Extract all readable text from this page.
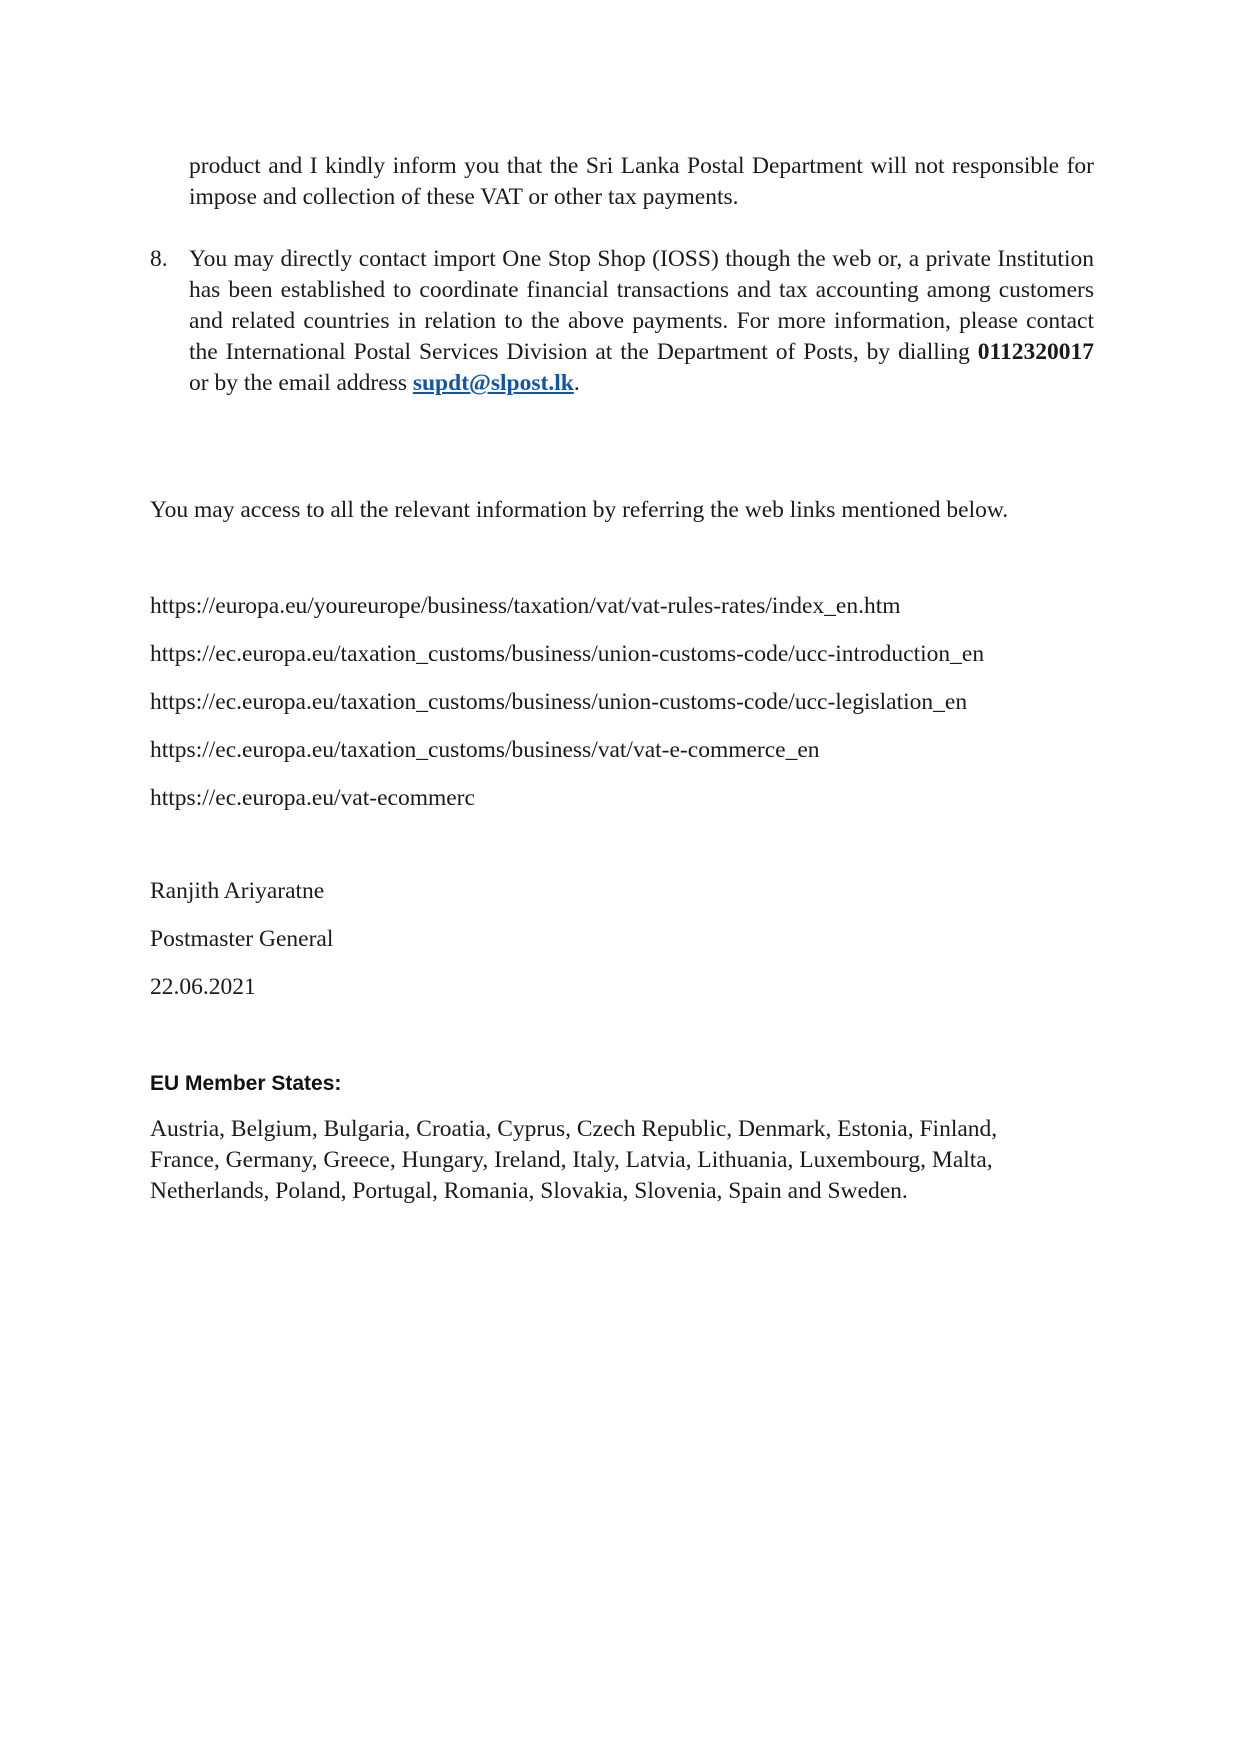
product and I kindly inform you that the Sri Lanka Postal Department will not responsible for impose and collection of these VAT or other tax payments.

8. You may directly contact import One Stop Shop (IOSS) though the web or, a private Institution has been established to coordinate financial transactions and tax accounting among customers and related countries in relation to the above payments. For more information, please contact the International Postal Services Division at the Department of Posts, by dialling 0112320017 or by the email address supdt@slpost.lk.

You may access to all the relevant information by referring the web links mentioned below.

https://europa.eu/youreurope/business/taxation/vat/vat-rules-rates/index_en.htm
https://ec.europa.eu/taxation_customs/business/union-customs-code/ucc-introduction_en
https://ec.europa.eu/taxation_customs/business/union-customs-code/ucc-legislation_en
https://ec.europa.eu/taxation_customs/business/vat/vat-e-commerce_en
https://ec.europa.eu/vat-ecommerc
Ranjith Ariyaratne
Postmaster General
22.06.2021

EU Member States:

Austria, Belgium, Bulgaria, Croatia, Cyprus, Czech Republic, Denmark, Estonia, Finland, France, Germany, Greece, Hungary, Ireland, Italy, Latvia, Lithuania, Luxembourg, Malta, Netherlands, Poland, Portugal, Romania, Slovakia, Slovenia, Spain and Sweden.
